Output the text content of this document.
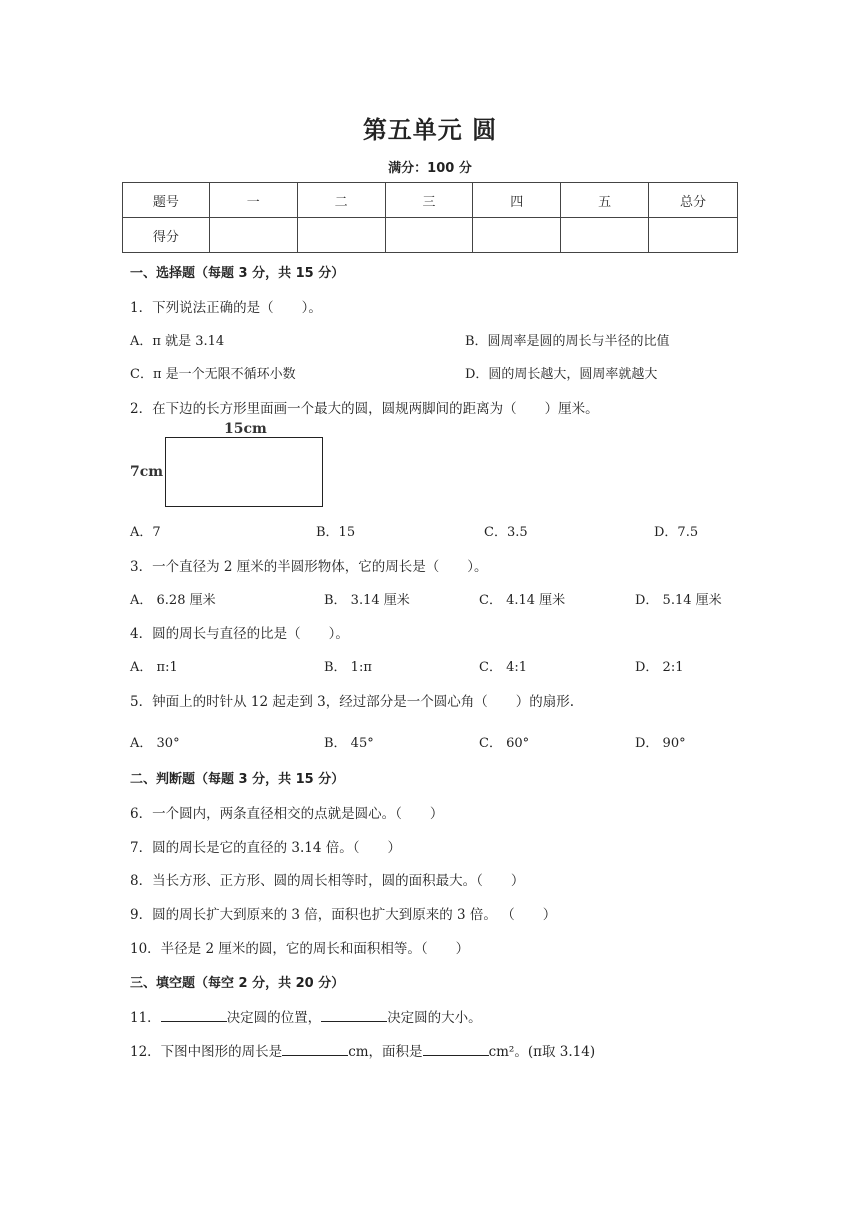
第五单元 圆
满分：100 分
题号	一	二	三	四	五	总分
得分						
一、选择题（每题 3 分，共 15 分）
1．下列说法正确的是（ ）。
A．π 就是 3.14	B．圆周率是圆的周长与半径的比值
C．π 是一个无限不循环小数	D．圆的周长越大，圆周率就越大
2．在下边的长方形里面画一个最大的圆，圆规两脚间的距离为（ ）厘米。
15cm
7cm
A．7	B．15	C．3.5	D．7.5
3．一个直径为 2 厘米的半圆形物体，它的周长是（ ）。
A． 6.28 厘米	B． 3.14 厘米	C． 4.14 厘米	D． 5.14 厘米
4．圆的周长与直径的比是（ ）。
A． π:1	B． 1:π	C． 4:1	D． 2:1
5．钟面上的时针从 12 起走到 3，经过部分是一个圆心角（ ）的扇形.
A． 30°	B． 45°	C． 60°	D． 90°
二、判断题（每题 3 分，共 15 分）
6．一个圆内，两条直径相交的点就是圆心。（ ）
7．圆的周长是它的直径的 3.14 倍。（ ）
8．当长方形、正方形、圆的周长相等时，圆的面积最大。（ ）
9．圆的周长扩大到原来的 3 倍，面积也扩大到原来的 3 倍。 （ ）
10．半径是 2 厘米的圆，它的周长和面积相等。（ ）
三、填空题（每空 2 分，共 20 分）
11．	决定圆的位置，	决定圆的大小。
12．下图中图形的周长是	cm，面积是	cm²。(π取 3.14)
